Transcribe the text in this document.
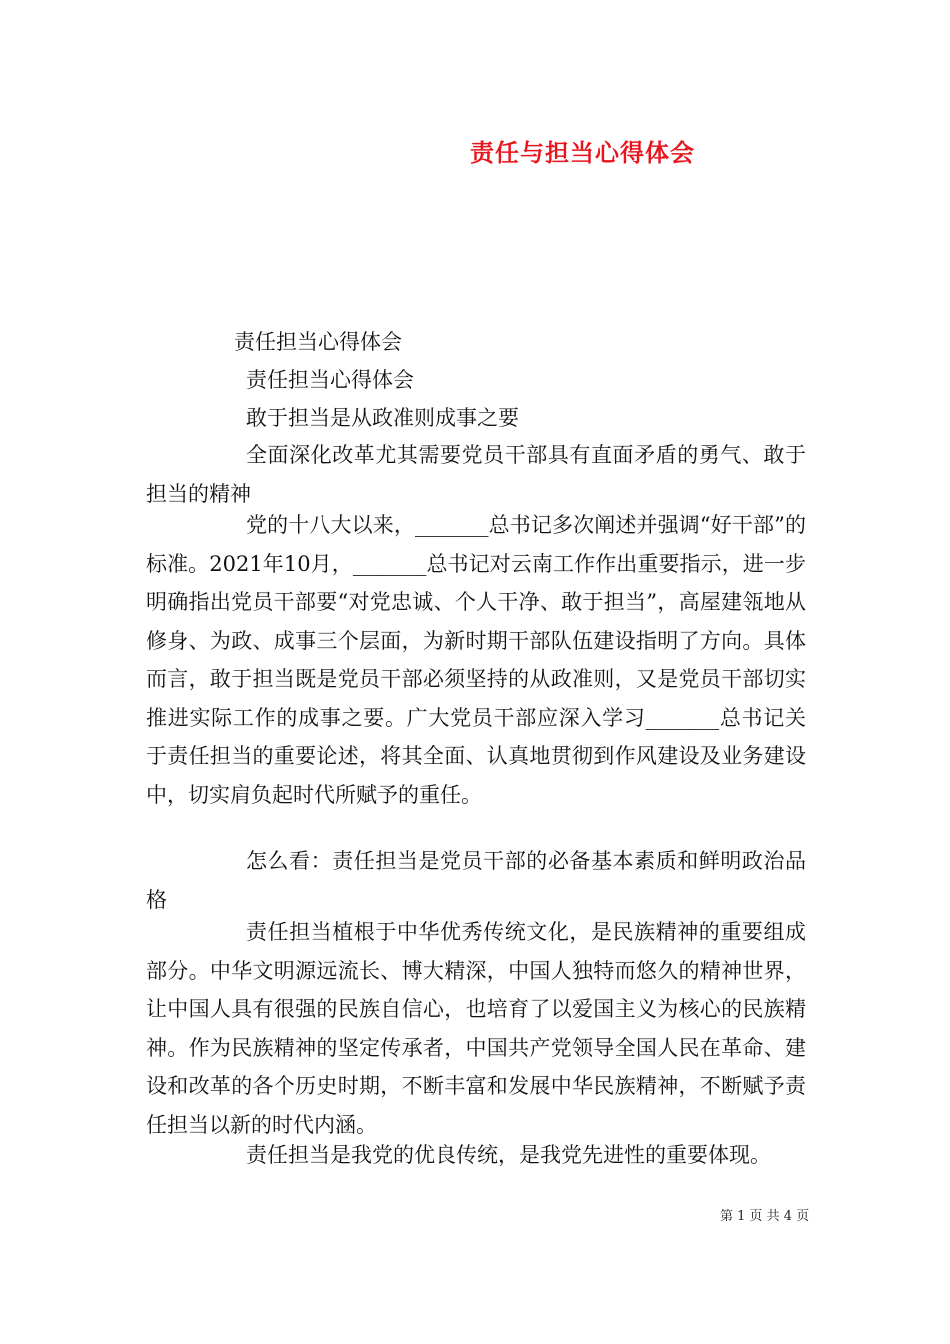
责任与担当心得体会
责任担当心得体会
责任担当心得体会
敢于担当是从政准则成事之要

全面深化改革尤其需要党员干部具有直面矛盾的勇气、敢于担当的精神

党的十八大以来，_______总书记多次阐述并强调“好干部”的标准。2021年10月，_______总书记对云南工作作出重要指示，进一步明确指出党员干部要“对党忠诚、个人干净、敢于担当”，高屋建瓴地从修身、为政、成事三个层面，为新时期干部队伍建设指明了方向。具体而言，敢于担当既是党员干部必须坚持的从政准则，又是党员干部切实推进实际工作的成事之要。广大党员干部应深入学习_______总书记关于责任担当的重要论述，将其全面、认真地贯彻到作风建设及业务建设中，切实肩负起时代所赋予的重任。

怎么看：责任担当是党员干部的必备基本素质和鲜明政治品格

责任担当植根于中华优秀传统文化，是民族精神的重要组成部分。中华文明源远流长、博大精深，中国人独特而悠久的精神世界，让中国人具有很强的民族自信心，也培育了以爱国主义为核心的民族精神。作为民族精神的坚定传承者，中国共产党领导全国人民在革命、建设和改革的各个历史时期，不断丰富和发展中华民族精神，不断赋予责任担当以新的时代内涵。

责任担当是我党的优良传统，是我党先进性的重要体现。

第 1 页 共 4 页
